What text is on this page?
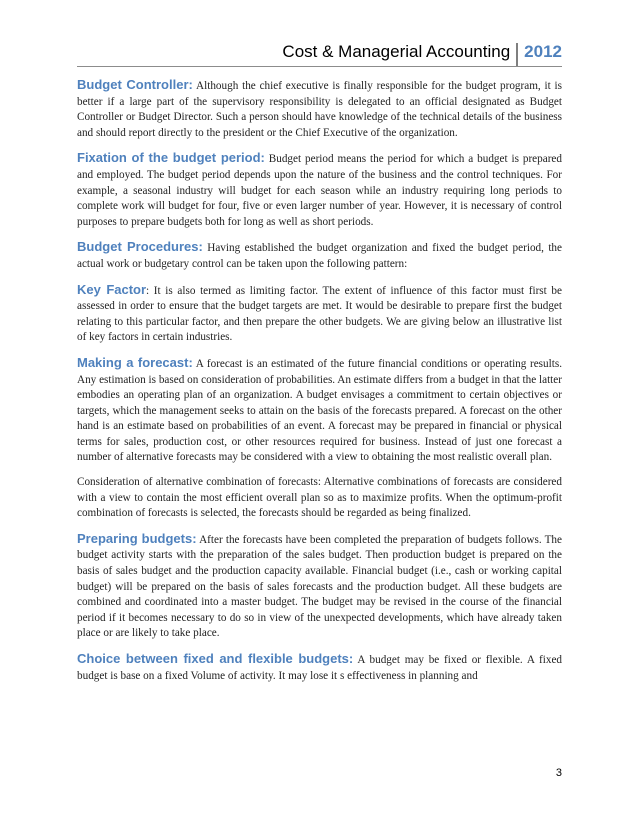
Cost & Managerial Accounting 2012

Budget Controller: Although the chief executive is finally responsible for the budget program, it is better if a large part of the supervisory responsibility is delegated to an official designated as Budget Controller or Budget Director. Such a person should have knowledge of the technical details of the business and should report directly to the president or the Chief Executive of the organization.

Fixation of the budget period: Budget period means the period for which a budget is prepared and employed. The budget period depends upon the nature of the business and the control techniques. For example, a seasonal industry will budget for each season while an industry requiring long periods to complete work will budget for four, five or even larger number of year. However, it is necessary of control purposes to prepare budgets both for long as well as short periods.

Budget Procedures: Having established the budget organization and fixed the budget period, the actual work or budgetary control can be taken upon the following pattern:

Key Factor: It is also termed as limiting factor. The extent of influence of this factor must first be assessed in order to ensure that the budget targets are met. It would be desirable to prepare first the budget relating to this particular factor, and then prepare the other budgets. We are giving below an illustrative list of key factors in certain industries.

Making a forecast: A forecast is an estimated of the future financial conditions or operating results. Any estimation is based on consideration of probabilities. An estimate differs from a budget in that the latter embodies an operating plan of an organization. A budget envisages a commitment to certain objectives or targets, which the management seeks to attain on the basis of the forecasts prepared. A forecast on the other hand is an estimate based on probabilities of an event. A forecast may be prepared in financial or physical terms for sales, production cost, or other resources required for business. Instead of just one forecast a number of alternative forecasts may be considered with a view to obtaining the most realistic overall plan.

Consideration of alternative combination of forecasts: Alternative combinations of forecasts are considered with a view to contain the most efficient overall plan so as to maximize profits. When the optimum-profit combination of forecasts is selected, the forecasts should be regarded as being finalized.

Preparing budgets: After the forecasts have been completed the preparation of budgets follows. The budget activity starts with the preparation of the sales budget. Then production budget is prepared on the basis of sales budget and the production capacity available. Financial budget (i.e., cash or working capital budget) will be prepared on the basis of sales forecasts and the production budget. All these budgets are combined and coordinated into a master budget. The budget may be revised in the course of the financial period if it becomes necessary to do so in view of the unexpected developments, which have already taken place or are likely to take place.

Choice between fixed and flexible budgets: A budget may be fixed or flexible. A fixed budget is base on a fixed Volume of activity. It may lose it s effectiveness in planning and

3
